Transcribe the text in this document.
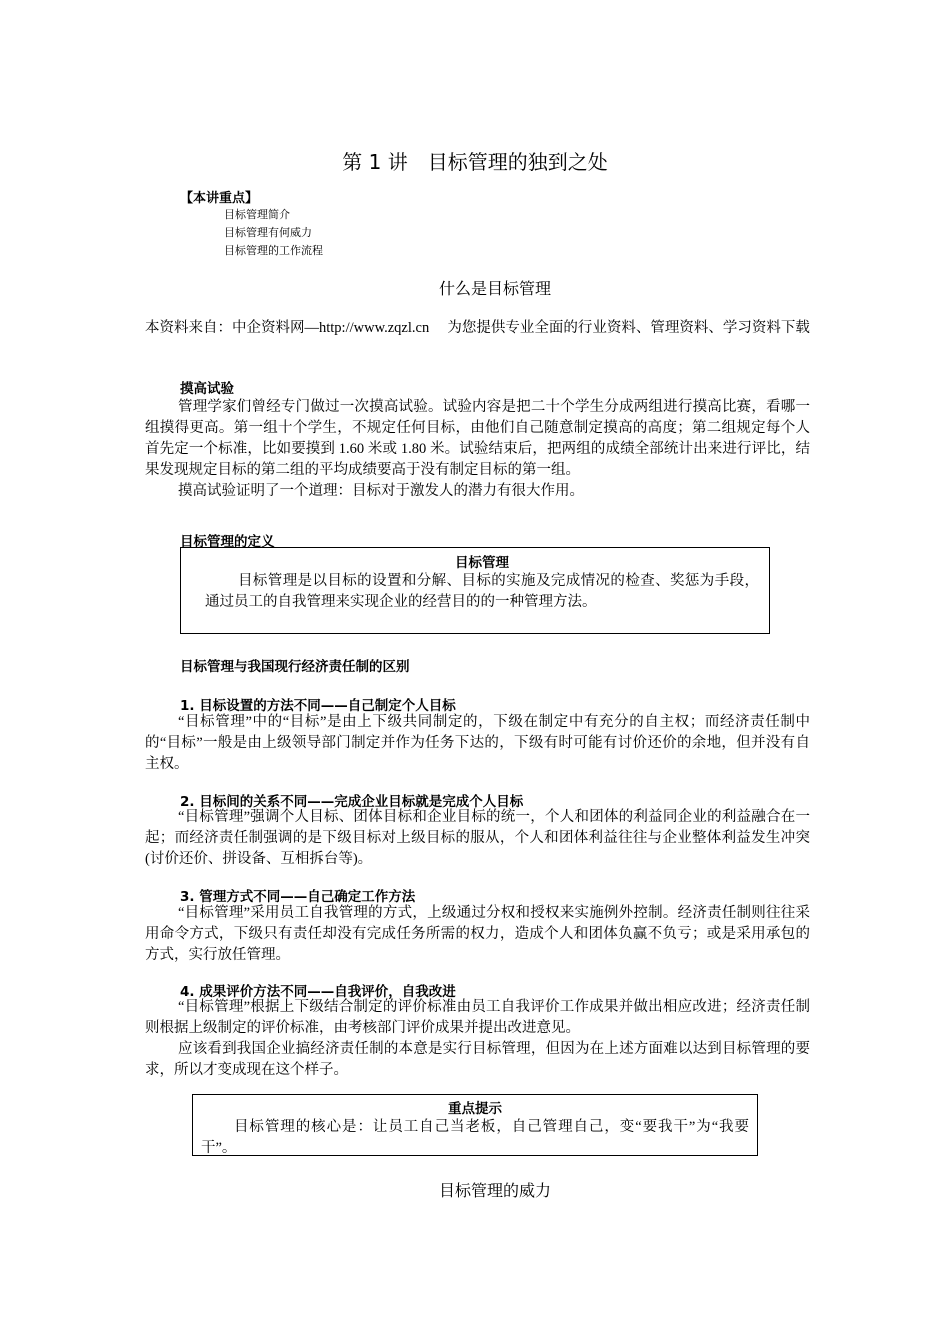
第 1 讲　目标管理的独到之处
【本讲重点】
目标管理简介
目标管理有何威力
目标管理的工作流程
什么是目标管理
本资料来自：中企资料网—http://www.zqzl.cn　 为您提供专业全面的行业资料、管理资料、学习资料下载
摸高试验

管理学家们曾经专门做过一次摸高试验。试验内容是把二十个学生分成两组进行摸高比赛，看哪一组摸得更高。第一组十个学生，不规定任何目标，由他们自己随意制定摸高的高度；第二组规定每个人首先定一个标准，比如要摸到 1.60 米或 1.80 米。试验结束后，把两组的成绩全部统计出来进行评比，结果发现规定目标的第二组的平均成绩要高于没有制定目标的第一组。

摸高试验证明了一个道理：目标对于激发人的潜力有很大作用。

目标管理的定义
目标管理
目标管理是以目标的设置和分解、目标的实施及完成情况的检查、奖惩为手段，通过员工的自我管理来实现企业的经营目的的一种管理方法。
目标管理与我国现行经济责任制的区别
1. 目标设置的方法不同——自己制定个人目标
“目标管理”中的“目标”是由上下级共同制定的，下级在制定中有充分的自主权；而经济责任制中的“目标”一般是由上级领导部门制定并作为任务下达的，下级有时可能有讨价还价的余地，但并没有自主权。
2. 目标间的关系不同——完成企业目标就是完成个人目标
“目标管理”强调个人目标、团体目标和企业目标的统一，个人和团体的利益同企业的利益融合在一起；而经济责任制强调的是下级目标对上级目标的服从，个人和团体利益往往与企业整体利益发生冲突(讨价还价、拼设备、互相拆台等)。
3. 管理方式不同——自己确定工作方法
“目标管理”采用员工自我管理的方式，上级通过分权和授权来实施例外控制。经济责任制则往往采用命令方式，下级只有责任却没有完成任务所需的权力，造成个人和团体负赢不负亏；或是采用承包的方式，实行放任管理。
4. 成果评价方法不同——自我评价，自我改进

“目标管理”根据上下级结合制定的评价标准由员工自我评价工作成果并做出相应改进；经济责任制则根据上级制定的评价标准，由考核部门评价成果并提出改进意见。

应该看到我国企业搞经济责任制的本意是实行目标管理，但因为在上述方面难以达到目标管理的要求，所以才变成现在这个样子。

重点提示
目标管理的核心是：让员工自己当老板，自己管理自己，变“要我干”为“我要干”。
目标管理的威力
